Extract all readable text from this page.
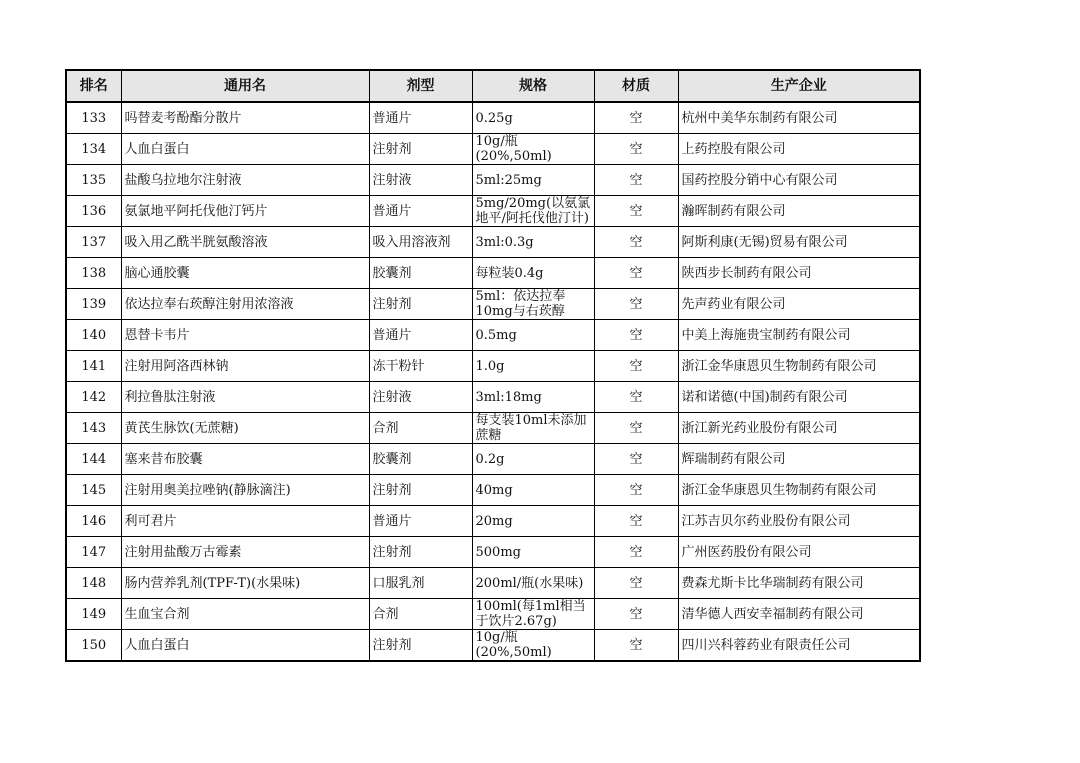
排名	通用名	剂型	规格	材质	生产企业
133	吗替麦考酚酯分散片	普通片	0.25g	空	杭州中美华东制药有限公司
134	人血白蛋白	注射剂	10g/瓶(20%,50ml)	空	上药控股有限公司
135	盐酸乌拉地尔注射液	注射液	5ml:25mg	空	国药控股分销中心有限公司
136	氨氯地平阿托伐他汀钙片	普通片	5mg/20mg(以氨氯地平/阿托伐他汀计)	空	瀚晖制药有限公司
137	吸入用乙酰半胱氨酸溶液	吸入用溶液剂	3ml:0.3g	空	阿斯利康(无锡)贸易有限公司
138	脑心通胶囊	胶囊剂	每粒装0.4g	空	陕西步长制药有限公司
139	依达拉奉右莰醇注射用浓溶液	注射剂	5ml：依达拉奉10mg与右莰醇	空	先声药业有限公司
140	恩替卡韦片	普通片	0.5mg	空	中美上海施贵宝制药有限公司
141	注射用阿洛西林钠	冻干粉针	1.0g	空	浙江金华康恩贝生物制药有限公司
142	利拉鲁肽注射液	注射液	3ml:18mg	空	诺和诺德(中国)制药有限公司
143	黄芪生脉饮(无蔗糖)	合剂	每支装10ml未添加蔗糖	空	浙江新光药业股份有限公司
144	塞来昔布胶囊	胶囊剂	0.2g	空	辉瑞制药有限公司
145	注射用奥美拉唑钠(静脉滴注)	注射剂	40mg	空	浙江金华康恩贝生物制药有限公司
146	利可君片	普通片	20mg	空	江苏吉贝尔药业股份有限公司
147	注射用盐酸万古霉素	注射剂	500mg	空	广州医药股份有限公司
148	肠内营养乳剂(TPF-T)(水果味)	口服乳剂	200ml/瓶(水果味)	空	费森尤斯卡比华瑞制药有限公司
149	生血宝合剂	合剂	100ml(每1ml相当于饮片2.67g)	空	清华德人西安幸福制药有限公司
150	人血白蛋白	注射剂	10g/瓶(20%,50ml)	空	四川兴科蓉药业有限责任公司
